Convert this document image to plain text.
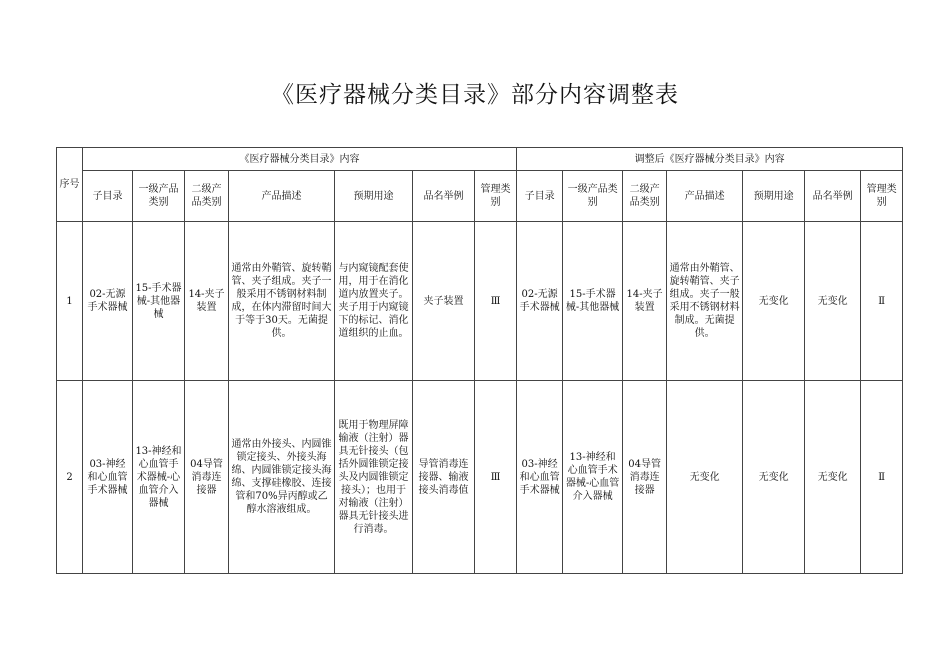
《医疗器械分类目录》部分内容调整表
序号	《医疗器械分类目录》内容							调整后《医疗器械分类目录》内容						
	子目录	一级产品类别	二级产品类别	产品描述	预期用途	品名举例	管理类别	子目录	一级产品类别	二级产品类别	产品描述	预期用途	品名举例	管理类别
1	02-无源手术器械	15-手术器械-其他器械	14-夹子装置	通常由外鞘管、旋转鞘管、夹子组成。夹子一般采用不锈钢材料制成，在体内滞留时间大于等于30天。无菌提供。	与内窥镜配套使用，用于在消化道内放置夹子。夹子用于内窥镜下的标记、消化道组织的止血。	夹子装置	Ⅲ	02-无源手术器械	15-手术器械-其他器械	14-夹子装置	通常由外鞘管、旋转鞘管、夹子组成。夹子一般采用不锈钢材料制成。无菌提供。	无变化	无变化	Ⅱ
2	03-神经和心血管手术器械	13-神经和心血管手术器械-心血管介入器械	04导管消毒连接器	通常由外接头、内圆锥锁定接头、外接头海绵、内圆锥锁定接头海绵、支撑硅橡胶、连接管和70%异丙醇或乙醇水溶液组成。	既用于物理屏障输液（注射）器具无针接头（包括外圆锥锁定接头及内圆锥锁定接头）；也用于对输液（注射）器具无针接头进行消毒。	导管消毒连接器、输液接头消毒值	Ⅲ	03-神经和心血管手术器械	13-神经和心血管手术器械-心血管介入器械	04导管消毒连接器	无变化	无变化	无变化	Ⅱ
